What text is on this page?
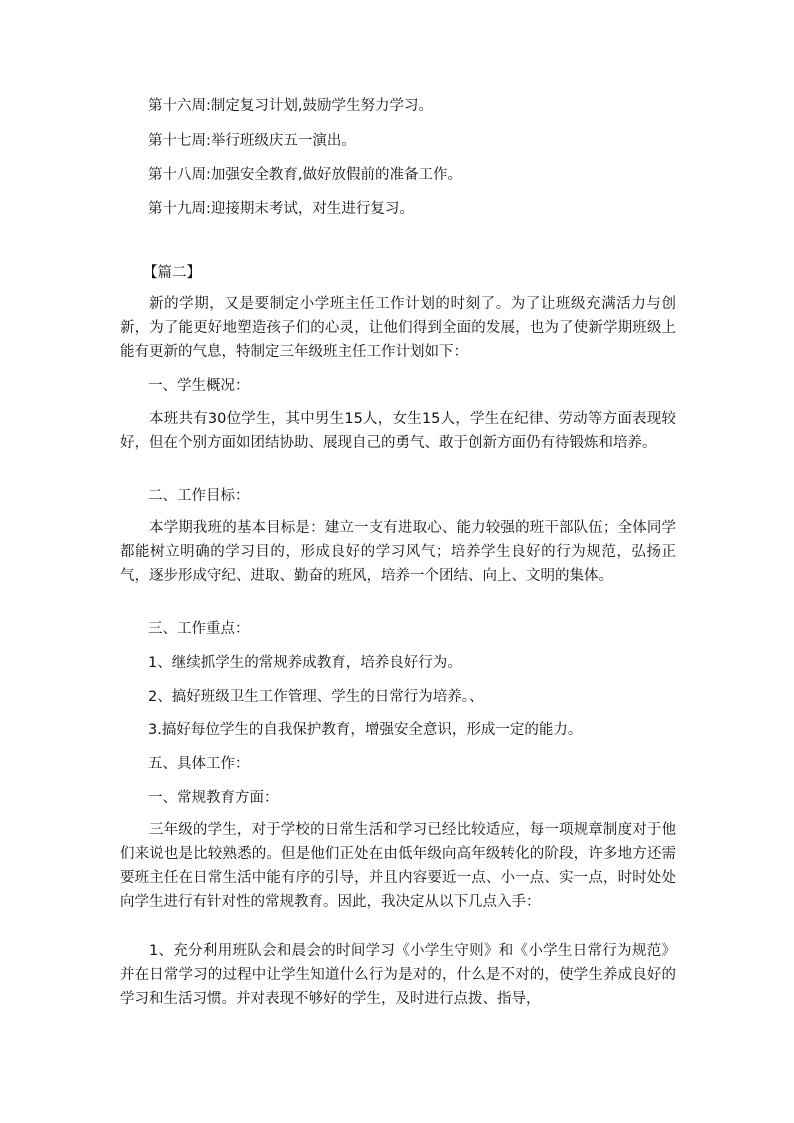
第十六周:制定复习计划,鼓励学生努力学习。

第十七周:举行班级庆五一演出。

第十八周:加强安全教育,做好放假前的准备工作。

第十九周:迎接期末考试，对生进行复习。

【篇二】

新的学期，又是要制定小学班主任工作计划的时刻了。为了让班级充满活力与创新，为了能更好地塑造孩子们的心灵，让他们得到全面的发展，也为了使新学期班级上能有更新的气息，特制定三年级班主任工作计划如下：

一、学生概况：

本班共有30位学生，其中男生15人，女生15人，学生在纪律、劳动等方面表现较好，但在个别方面如团结协助、展现自己的勇气、敢于创新方面仍有待锻炼和培养。

二、工作目标：

本学期我班的基本目标是：建立一支有进取心、能力较强的班干部队伍；全体同学都能树立明确的学习目的，形成良好的学习风气；培养学生良好的行为规范，弘扬正气，逐步形成守纪、进取、勤奋的班风，培养一个团结、向上、文明的集体。

三、工作重点：

1、继续抓学生的常规养成教育，培养良好行为。

2、搞好班级卫生工作管理、学生的日常行为培养。、

3.搞好每位学生的自我保护教育，增强安全意识，形成一定的能力。

五、具体工作：

一、常规教育方面：

三年级的学生，对于学校的日常生活和学习已经比较适应，每一项规章制度对于他们来说也是比较熟悉的。但是他们正处在由低年级向高年级转化的阶段，许多地方还需要班主任在日常生活中能有序的引导，并且内容要近一点、小一点、实一点，时时处处向学生进行有针对性的常规教育。因此，我决定从以下几点入手：

1、充分利用班队会和晨会的时间学习《小学生守则》和《小学生日常行为规范》并在日常学习的过程中让学生知道什么行为是对的，什么是不对的，使学生养成良好的学习和生活习惯。并对表现不够好的学生，及时进行点拨、指导，
